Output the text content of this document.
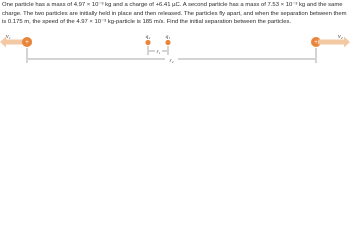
One particle has a mass of 4.97 × 10⁻³ kg and a charge of +6.41 µC. A second particle has a mass of 7.53 × 10⁻³ kg and the same charge. The two particles are initially held in place and then released. The particles fly apart, and when the separation between them is 0.175 m, the speed of the 4.97 × 10⁻³ kg-particle is 185 m/s. Find the initial separation between the particles.

v₁
+
q₂	q₁
r₁
r₂
+
v₂
